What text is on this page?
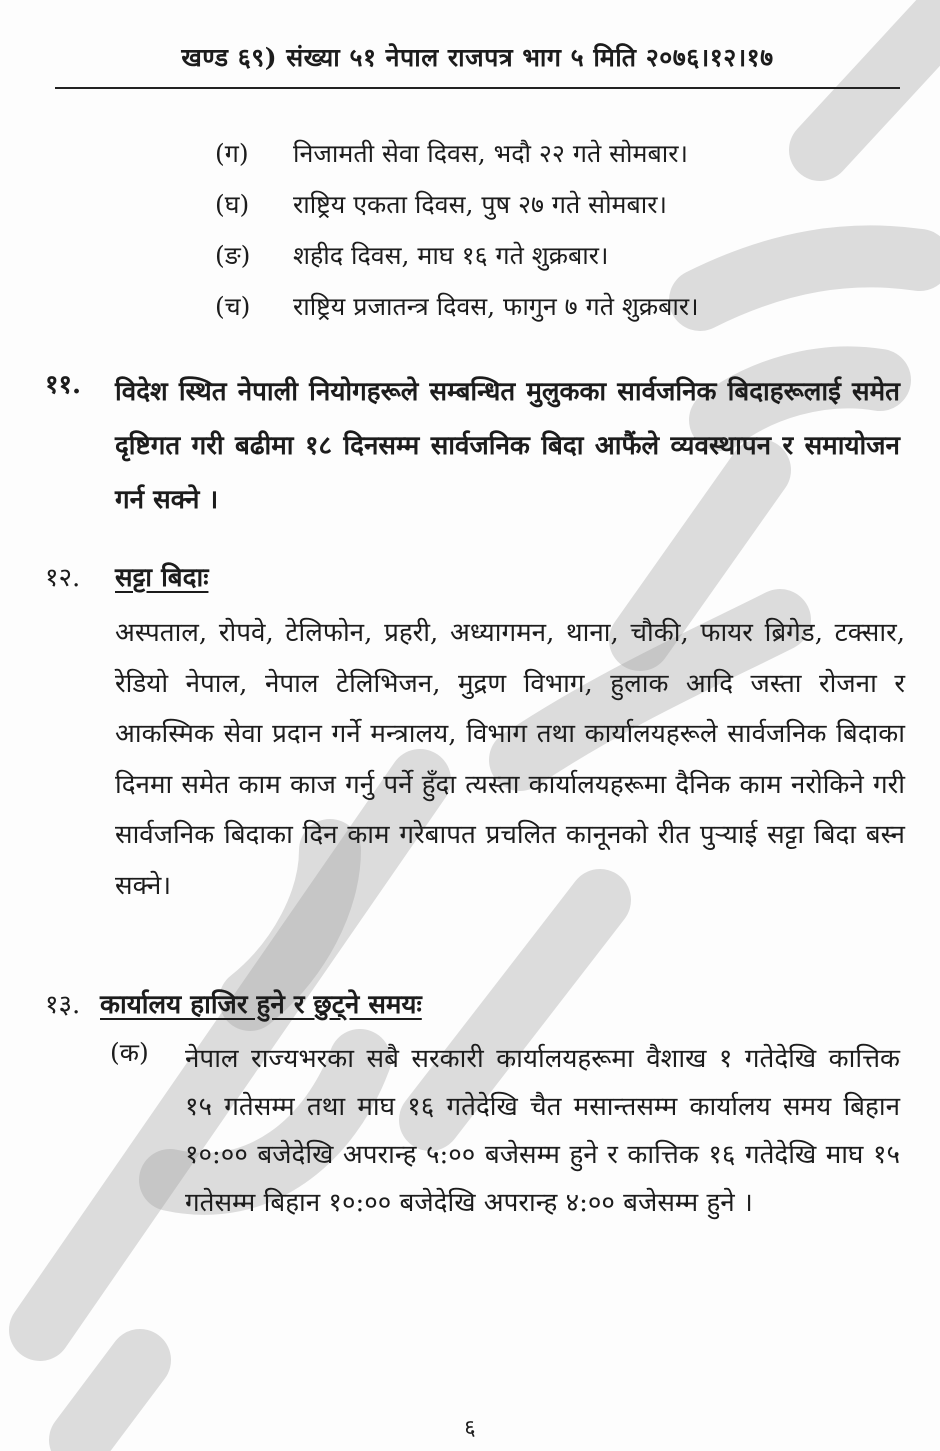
खण्ड ६९) संख्या ५१ नेपाल राजपत्र भाग ५ मिति २०७६।१२।१७
(ग)	निजामती सेवा दिवस, भदौ २२ गते सोमबार।
(घ)	राष्ट्रिय एकता दिवस, पुष २७ गते सोमबार।
(ङ)	शहीद दिवस, माघ १६ गते शुक्रबार।
(च)	राष्ट्रिय प्रजातन्त्र दिवस, फागुन ७ गते शुक्रबार।
११. विदेश स्थित नेपाली नियोगहरूले सम्बन्धित मुलुकका सार्वजनिक बिदाहरूलाई समेत दृष्टिगत गरी बढीमा १८ दिनसम्म सार्वजनिक बिदा आफैंले व्यवस्थापन र समायोजन गर्न सक्ने ।
१२. सट्टा बिदाः
अस्पताल, रोपवे, टेलिफोन, प्रहरी, अध्यागमन, थाना, चौकी, फायर ब्रिगेड, टक्सार, रेडियो नेपाल, नेपाल टेलिभिजन, मुद्रण विभाग, हुलाक आदि जस्ता रोजना र आकस्मिक सेवा प्रदान गर्ने मन्त्रालय, विभाग तथा कार्यालयहरूले सार्वजनिक बिदाका दिनमा समेत काम काज गर्नु पर्ने हुँदा त्यस्ता कार्यालयहरूमा दैनिक काम नरोकिने गरी सार्वजनिक बिदाका दिन काम गरेबापत प्रचलित कानूनको रीत पुऱ्याई सट्टा बिदा बस्न सक्ने।
१३. कार्यालय हाजिर हुने र छुट्ने समयः
(क) नेपाल राज्यभरका सबै सरकारी कार्यालयहरूमा वैशाख १ गतेदेखि कात्तिक १५ गतेसम्म तथा माघ १६ गतेदेखि चैत मसान्तसम्म कार्यालय समय बिहान १०:०० बजेदेखि अपरान्ह ५:०० बजेसम्म हुने र कात्तिक १६ गतेदेखि माघ १५ गतेसम्म बिहान १०:०० बजेदेखि अपरान्ह ४:०० बजेसम्म हुने ।
६
